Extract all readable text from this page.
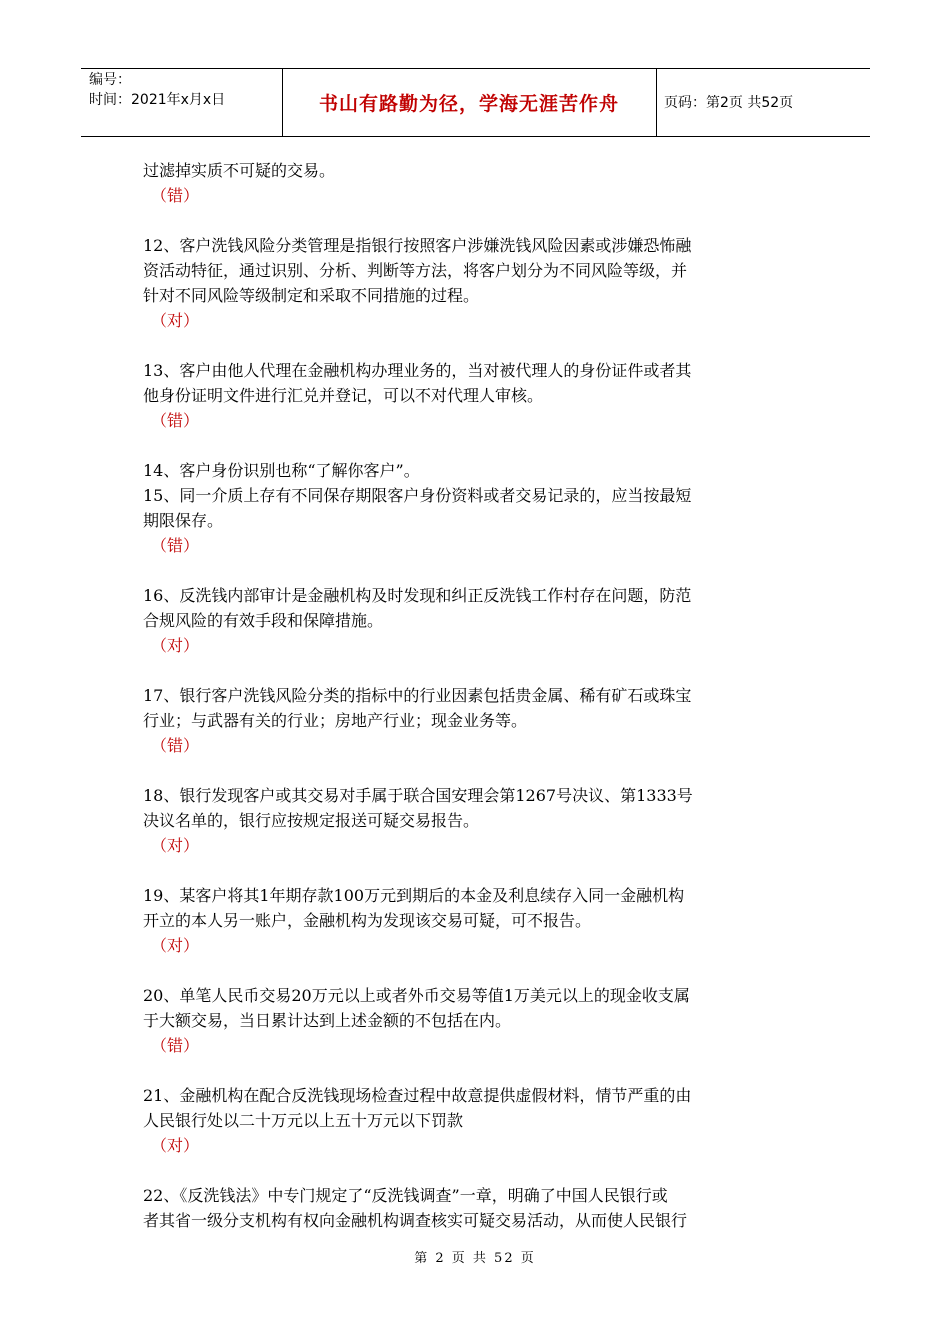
编号：
时间：2021年x月x日	书山有路勤为径，学海无涯苦作舟	页码：第2页 共52页
过滤掉实质不可疑的交易。
（错）
12、客户洗钱风险分类管理是指银行按照客户涉嫌洗钱风险因素或涉嫌恐怖融
资活动特征，通过识别、分析、判断等方法，将客户划分为不同风险等级，并
针对不同风险等级制定和采取不同措施的过程。
（对）
13、客户由他人代理在金融机构办理业务的，当对被代理人的身份证件或者其
他身份证明文件进行汇兑并登记，可以不对代理人审核。
（错）
14、客户身份识别也称“了解你客户”。
15、同一介质上存有不同保存期限客户身份资料或者交易记录的，应当按最短
期限保存。
（错）
16、反洗钱内部审计是金融机构及时发现和纠正反洗钱工作村存在问题，防范
合规风险的有效手段和保障措施。
（对）
17、银行客户洗钱风险分类的指标中的行业因素包括贵金属、稀有矿石或珠宝
行业；与武器有关的行业；房地产行业；现金业务等。
（错）
18、银行发现客户或其交易对手属于联合国安理会第1267号决议、第1333号
决议名单的，银行应按规定报送可疑交易报告。
（对）
19、某客户将其1年期存款100万元到期后的本金及利息续存入同一金融机构
开立的本人另一账户，金融机构为发现该交易可疑，可不报告。
（对）
20、单笔人民币交易20万元以上或者外币交易等值1万美元以上的现金收支属
于大额交易，当日累计达到上述金额的不包括在内。
（错）
21、金融机构在配合反洗钱现场检查过程中故意提供虚假材料，情节严重的由
人民银行处以二十万元以上五十万元以下罚款
（对）
22、《反洗钱法》中专门规定了“反洗钱调查”一章，明确了中国人民银行或
者其省一级分支机构有权向金融机构调查核实可疑交易活动，从而使人民银行
第 2 页 共 52 页
